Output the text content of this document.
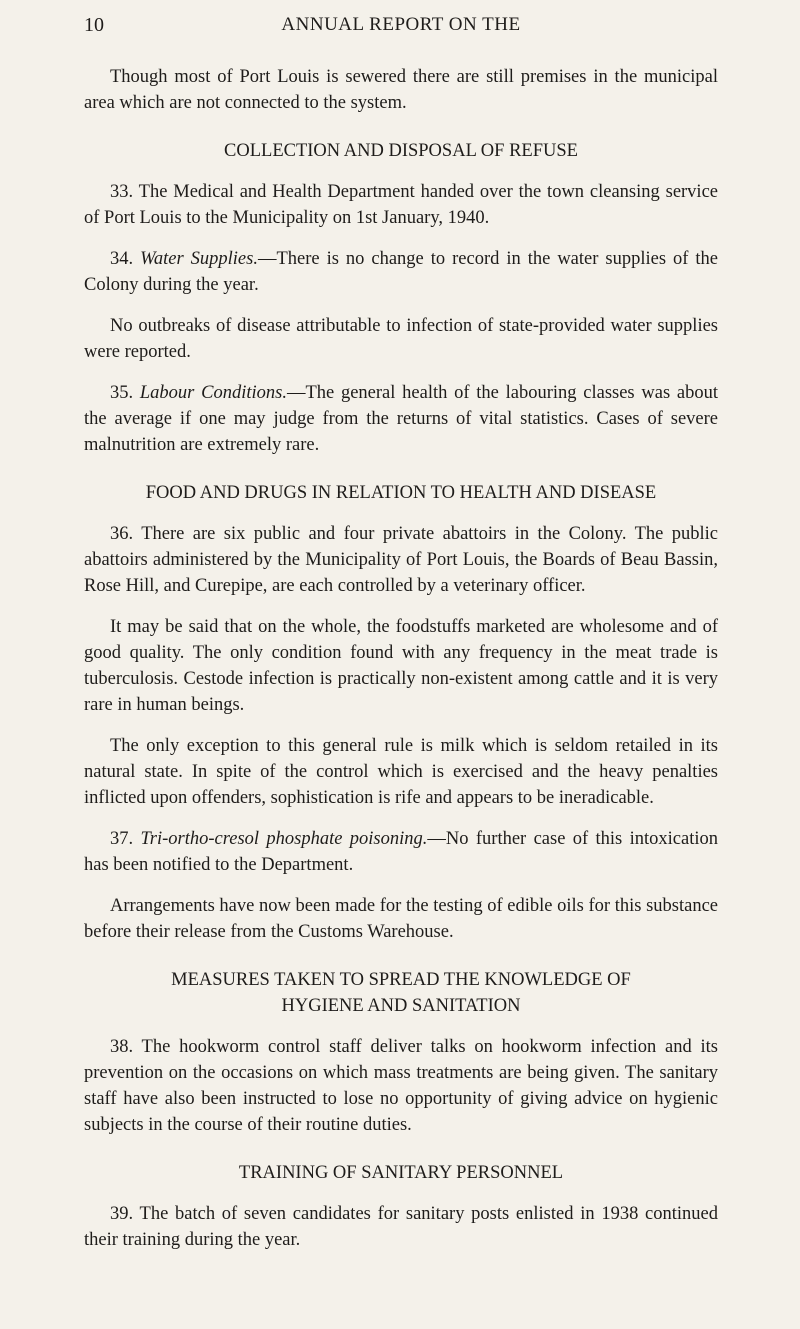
10	ANNUAL REPORT ON THE

Though most of Port Louis is sewered there are still premises in the municipal area which are not connected to the system.

COLLECTION AND DISPOSAL OF REFUSE

33. The Medical and Health Department handed over the town cleansing service of Port Louis to the Municipality on 1st January, 1940.

34. Water Supplies.—There is no change to record in the water supplies of the Colony during the year.

No outbreaks of disease attributable to infection of state-provided water supplies were reported.

35. Labour Conditions.—The general health of the labouring classes was about the average if one may judge from the returns of vital statistics. Cases of severe malnutrition are extremely rare.

FOOD AND DRUGS IN RELATION TO HEALTH AND DISEASE

36. There are six public and four private abattoirs in the Colony. The public abattoirs administered by the Municipality of Port Louis, the Boards of Beau Bassin, Rose Hill, and Curepipe, are each controlled by a veterinary officer.

It may be said that on the whole, the foodstuffs marketed are wholesome and of good quality. The only condition found with any frequency in the meat trade is tuberculosis. Cestode infection is practically non-existent among cattle and it is very rare in human beings.

The only exception to this general rule is milk which is seldom retailed in its natural state. In spite of the control which is exercised and the heavy penalties inflicted upon offenders, sophistication is rife and appears to be ineradicable.

37. Tri-ortho-cresol phosphate poisoning.—No further case of this intoxication has been notified to the Department.

Arrangements have now been made for the testing of edible oils for this substance before their release from the Customs Warehouse.

MEASURES TAKEN TO SPREAD THE KNOWLEDGE OF
HYGIENE AND SANITATION

38. The hookworm control staff deliver talks on hookworm infection and its prevention on the occasions on which mass treatments are being given. The sanitary staff have also been instructed to lose no opportunity of giving advice on hygienic subjects in the course of their routine duties.

TRAINING OF SANITARY PERSONNEL

39. The batch of seven candidates for sanitary posts enlisted in 1938 continued their training during the year.
